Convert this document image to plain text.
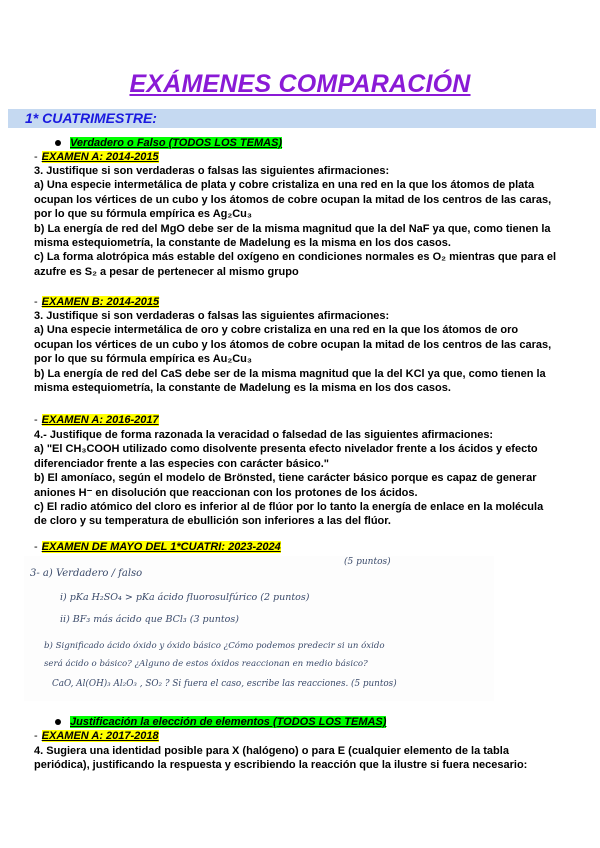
EXÁMENES COMPARACIÓN
1* CUATRIMESTRE:
Verdadero o Falso (TODOS LOS TEMAS)
- EXAMEN A: 2014-2015

3. Justifique si son verdaderas o falsas las siguientes afirmaciones:

a) Una especie intermetálica de plata y cobre cristaliza en una red en la que los átomos de plata

ocupan los vértices de un cubo y los átomos de cobre ocupan la mitad de los centros de las caras,

por lo que su fórmula empírica es Ag₂Cu₃

b) La energía de red del MgO debe ser de la misma magnitud que la del NaF ya que, como tienen la

misma estequiometría, la constante de Madelung es la misma en los dos casos.

c) La forma alotrópica más estable del oxígeno en condiciones normales es O₂ mientras que para el

azufre es S₂ a pesar de pertenecer al mismo grupo

- EXAMEN B: 2014-2015

3. Justifique si son verdaderas o falsas las siguientes afirmaciones:

a) Una especie intermetálica de oro y cobre cristaliza en una red en la que los átomos de oro

ocupan los vértices de un cubo y los átomos de cobre ocupan la mitad de los centros de las caras,

por lo que su fórmula empírica es Au₂Cu₃

b) La energía de red del CaS debe ser de la misma magnitud que la del KCl ya que, como tienen la

misma estequiometría, la constante de Madelung es la misma en los dos casos.

- EXAMEN A: 2016-2017

4.- Justifique de forma razonada la veracidad o falsedad de las siguientes afirmaciones:

a) "El CH₃COOH utilizado como disolvente presenta efecto nivelador frente a los ácidos y efecto

diferenciador frente a las especies con carácter básico."

b) El amoníaco, según el modelo de Brönsted, tiene carácter básico porque es capaz de generar

aniones H⁻ en disolución que reaccionan con los protones de los ácidos.

c) El radio atómico del cloro es inferior al de flúor por lo tanto la energía de enlace en la molécula

de cloro y su temperatura de ebullición son inferiores a las del flúor.

- EXAMEN DE MAYO DEL 1*CUATRI: 2023-2024
(5 puntos)
3- a) Verdadero / falso
i) pKa H₂SO₄ > pKa ácido fluorosulfúrico (2 puntos)
ii) BF₃ más ácido que BCl₃ (3 puntos)
b) Significado ácido óxido y óxido básico ¿Cómo podemos predecir si un óxido
será ácido o básico? ¿Alguno de estos óxidos reaccionan en medio básico?
CaO, Al(OH)₃ Al₂O₃ , SO₂ ? Si fuera el caso, escribe las reacciones. (5 puntos)
Justificación la elección de elementos (TODOS LOS TEMAS)
- EXAMEN A: 2017-2018

4. Sugiera una identidad posible para X (halógeno) o para E (cualquier elemento de la tabla

periódica), justificando la respuesta y escribiendo la reacción que la ilustre si fuera necesario:
